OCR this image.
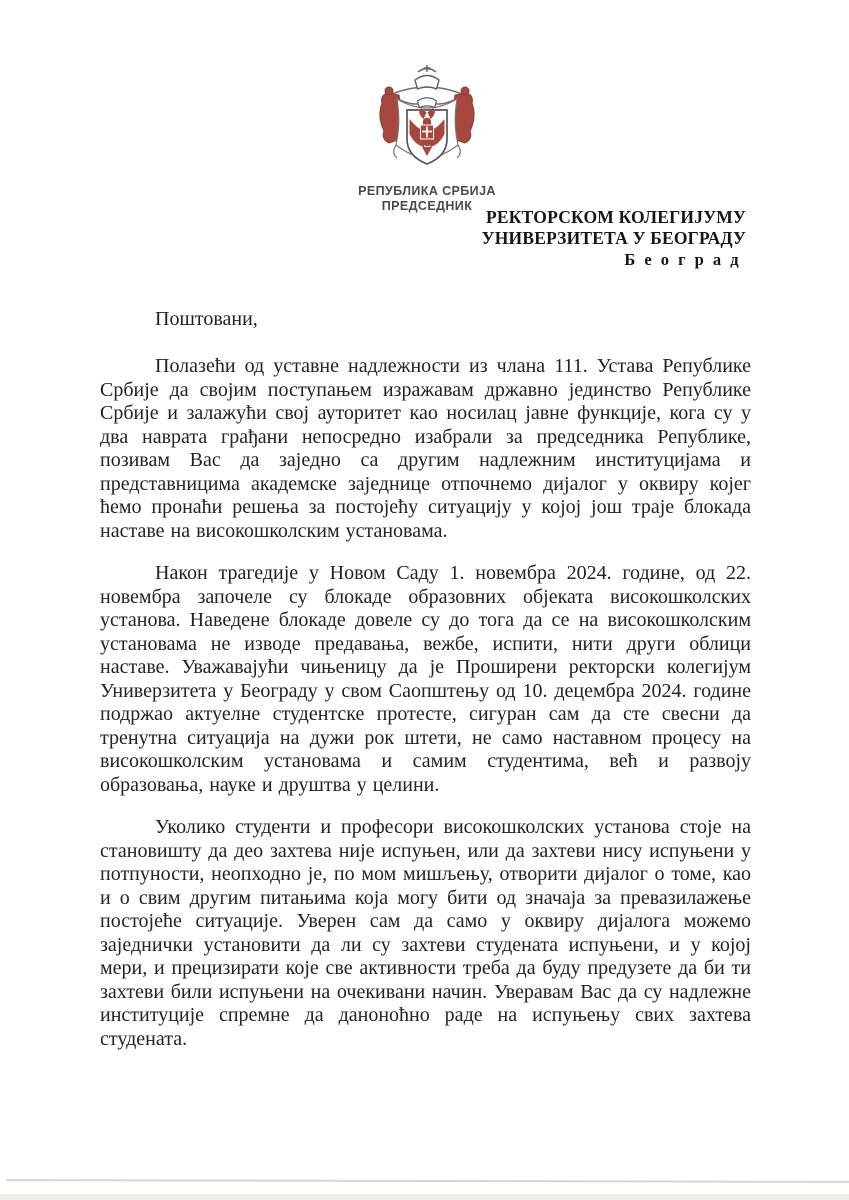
РЕПУБЛИКА СРБИЈА
ПРЕДСЕДНИК
РЕКТОРСКОМ КОЛЕГИЈУМУ
УНИВЕРЗИТЕТА У БЕОГРАДУ
Београд

Поштовани,

Полазећи од уставне надлежности из члана 111. Устава Републике Србије да својим поступањем изражавам државно јединство Републике Србије и залажући свој ауторитет као носилац јавне функције, кога су у два наврата грађани непосредно изабрали за председника Републике, позивам Вас да заједно са другим надлежним институцијама и представницима академске заједнице отпочнемо дијалог у оквиру којег ћемо пронаћи решења за постојећу ситуацију у којој још траје блокада наставе на високошколским установама.

Након трагедије у Новом Саду 1. новембра 2024. године, од 22. новембра започеле су блокаде образовних објеката високошколских установа. Наведене блокаде довеле су до тога да се на високошколским установама не изводе предавања, вежбе, испити, нити други облици наставе. Уважавајући чињеницу да је Проширени ректорски колегијум Универзитета у Београду у свом Саопштењу од 10. децембра 2024. године подржао актуелне студентске протесте, сигуран сам да сте свесни да тренутна ситуација на дужи рок штети, не само наставном процесу на високошколским установама и самим студентима, већ и развоју образовања, науке и друштва у целини.

Уколико студенти и професори високошколских установа стоје на становишту да део захтева није испуњен, или да захтеви нису испуњени у потпуности, неопходно је, по мом мишљењу, отворити дијалог о томе, као и о свим другим питањима која могу бити од значаја за превазилажење постојеће ситуације. Уверен сам да само у оквиру дијалога можемо заједнички установити да ли су захтеви студената испуњени, и у којој мери, и прецизирати које све активности треба да буду предузете да би ти захтеви били испуњени на очекивани начин. Уверавам Вас да су надлежне институције спремне да даноноћно раде на испуњењу свих захтева студената.
